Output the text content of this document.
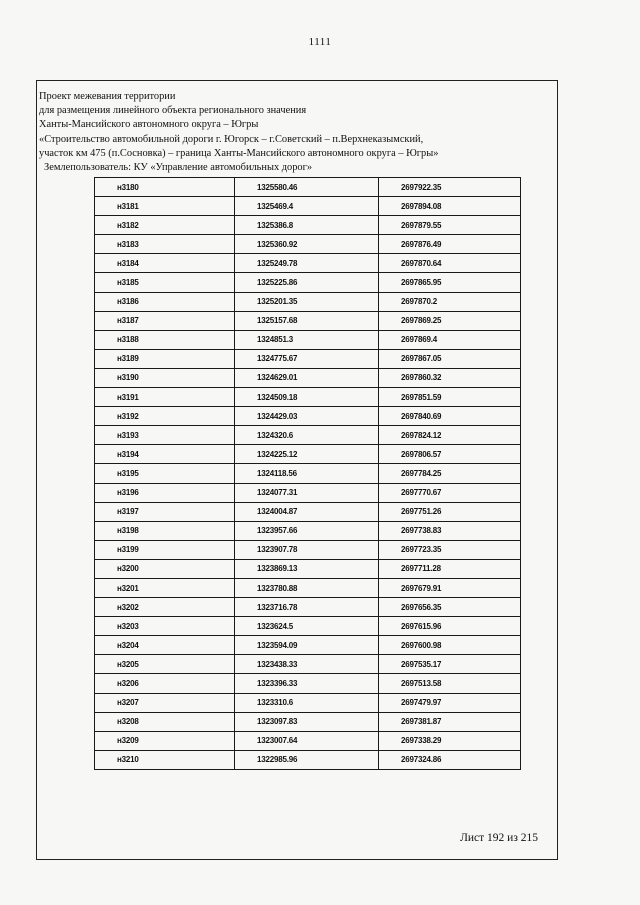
1111
Проект межевания территории
для размещения линейного объекта регионального значения
Ханты-Мансийского автономного округа – Югры
«Строительство автомобильной дороги г. Югорск – г.Советский – п.Верхнеказымский,
участок км 475 (п.Сосновка) – граница Ханты-Мансийского автономного округа – Югры»
Землепользователь: КУ «Управление автомобильных дорог»
н3180	1325580.46	2697922.35
н3181	1325469.4	2697894.08
н3182	1325386.8	2697879.55
н3183	1325360.92	2697876.49
н3184	1325249.78	2697870.64
н3185	1325225.86	2697865.95
н3186	1325201.35	2697870.2
н3187	1325157.68	2697869.25
н3188	1324851.3	2697869.4
н3189	1324775.67	2697867.05
н3190	1324629.01	2697860.32
н3191	1324509.18	2697851.59
н3192	1324429.03	2697840.69
н3193	1324320.6	2697824.12
н3194	1324225.12	2697806.57
н3195	1324118.56	2697784.25
н3196	1324077.31	2697770.67
н3197	1324004.87	2697751.26
н3198	1323957.66	2697738.83
н3199	1323907.78	2697723.35
н3200	1323869.13	2697711.28
н3201	1323780.88	2697679.91
н3202	1323716.78	2697656.35
н3203	1323624.5	2697615.96
н3204	1323594.09	2697600.98
н3205	1323438.33	2697535.17
н3206	1323396.33	2697513.58
н3207	1323310.6	2697479.97
н3208	1323097.83	2697381.87
н3209	1323007.64	2697338.29
н3210	1322985.96	2697324.86
Лист 192 из 215
